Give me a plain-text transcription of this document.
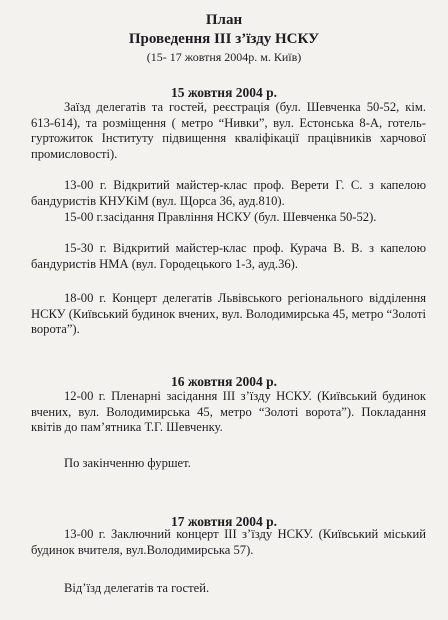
План
Проведення ІІІ з’їзду НСКУ
(15- 17 жовтня 2004р. м. Київ)
15 жовтня 2004 р.

Заїзд делегатів та гостей, реєстрація (бул. Шевченка 50-52, кім. 613-614), та розміщення ( метро “Нивки”, вул. Естонська 8-А, готель-гуртожиток Інституту підвищення кваліфікації працівників харчової промисловості).

13-00 г. Відкритий майстер-клас проф. Верети Г. С. з капелою бандуристів КНУКіМ (вул. Щорса 36, ауд.810).

15-00 г.засідання Правління НСКУ (бул. Шевченка 50-52).

15-30 г. Відкритий майстер-клас проф. Курача В. В. з капелою бандуристів НМА (вул. Городецького 1-3, ауд.36).

18-00 г. Концерт делегатів Львівського регіонального відділення НСКУ (Київський будинок вчених, вул. Володимирська 45, метро “Золоті ворота”).

16 жовтня 2004 р.

12-00 г. Пленарні засідання ІІІ з’їзду НСКУ. (Київський будинок вчених, вул. Володимирська 45, метро “Золоті ворота”). Покладання квітів до пам’ятника Т.Г. Шевченку.

По закінченню фуршет.

17 жовтня 2004 р.

13-00 г. Заключний концерт ІІІ з’їзду НСКУ. (Київський міський будинок вчителя, вул.Володимирська 57).

Від’їзд делегатів та гостей.
